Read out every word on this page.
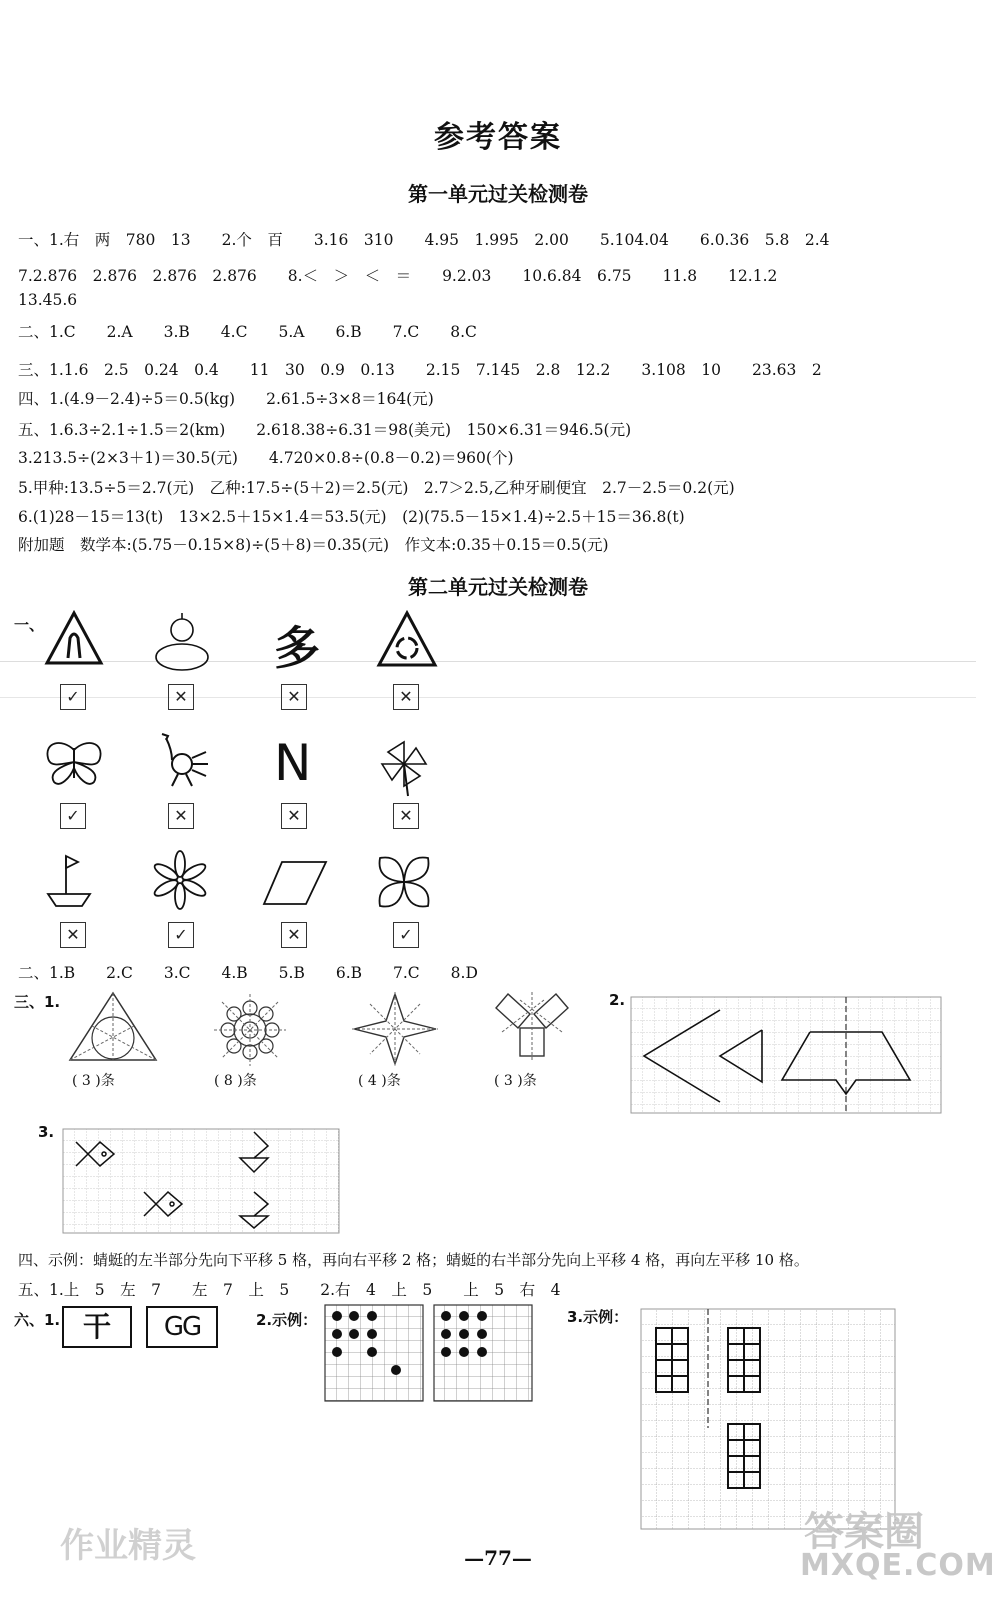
参考答案
第一单元过关检测卷
一、1.右　两　780　13　　2.个　百　　3.16　310　　4.95　1.995　2.00　　5.104.04　　6.0.36　5.8　2.4
7.2.876　2.876　2.876　2.876　　8.＜　＞　＜　＝　　9.2.03　　10.6.84　6.75　　11.8　　12.1.2
13.45.6
二、1.C　　2.A　　3.B　　4.C　　5.A　　6.B　　7.C　　8.C
三、1.1.6　2.5　0.24　0.4　　11　30　0.9　0.13　　2.15　7.145　2.8　12.2　　3.108　10　　23.63　2
四、1.(4.9－2.4)÷5＝0.5(kg)　　2.61.5÷3×8＝164(元)
五、1.6.3÷2.1÷1.5＝2(km)　　2.618.38÷6.31＝98(美元)　150×6.31＝946.5(元)
3.213.5÷(2×3＋1)＝30.5(元)　　4.720×0.8÷(0.8－0.2)＝960(个)
5.甲种:13.5÷5＝2.7(元)　乙种:17.5÷(5＋2)＝2.5(元)　2.7＞2.5,乙种牙刷便宜　2.7－2.5＝0.2(元)
6.(1)28－15＝13(t)　13×2.5＋15×1.4＝53.5(元)　(2)(75.5－15×1.4)÷2.5＋15＝36.8(t)
附加题　数学本:(5.75－0.15×8)÷(5＋8)＝0.35(元)　作文本:0.35＋0.15＝0.5(元)
第二单元过关检测卷
一、	多
✓	✕	✕	✕
N
✓	✕	✕	✕
✕	✓	✕	✓
二、1.B　　2.C　　3.C　　4.B　　5.B　　6.B　　7.C　　8.D
三、1.
( 3 )条	( 8 )条	( 4 )条	( 3 )条
2.
3.
四、示例：蜻蜓的左半部分先向下平移 5 格，再向右平移 2 格；蜻蜓的右半部分先向上平移 4 格，再向左平移 10 格。
五、1.上　5　左　7　　左　7　上　5　　2.右　4　上　5　　上　5　右　4
六、1. 干	GG	2.示例：	3.示例：
作业精灵	答案圈
MXQE.COM
—77—
